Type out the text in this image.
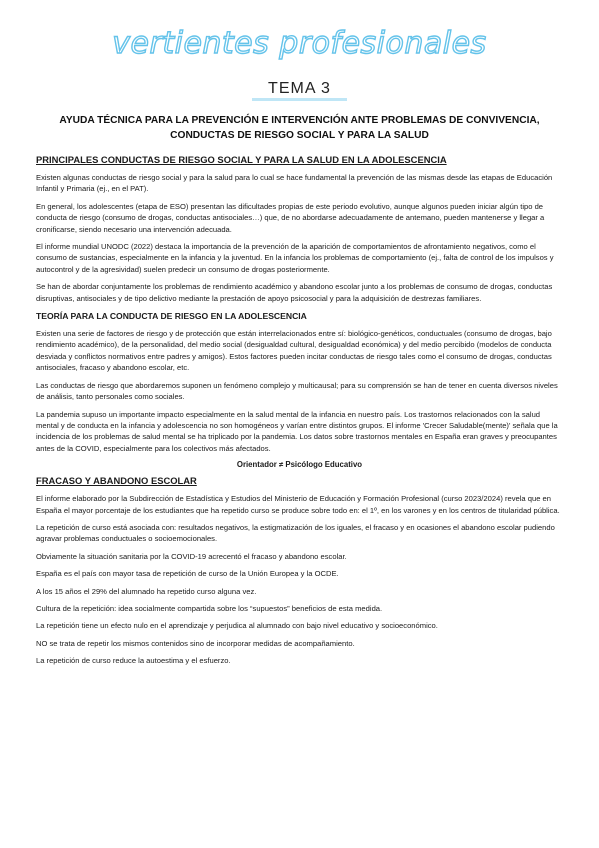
vertientes profesionales
TEMA 3
AYUDA TÉCNICA PARA LA PREVENCIÓN E INTERVENCIÓN ANTE PROBLEMAS DE CONVIVENCIA,
CONDUCTAS DE RIESGO SOCIAL Y PARA LA SALUD
PRINCIPALES CONDUCTAS DE RIESGO SOCIAL Y PARA LA SALUD EN LA ADOLESCENCIA

Existen algunas conductas de riesgo social y para la salud para lo cual se hace fundamental la prevención de las mismas desde las etapas de Educación Infantil y Primaria (ej., en el PAT).

En general, los adolescentes (etapa de ESO) presentan las dificultades propias de este periodo evolutivo, aunque algunos pueden iniciar algún tipo de conducta de riesgo (consumo de drogas, conductas antisociales…) que, de no abordarse adecuadamente de antemano, pueden mantenerse y llegar a cronificarse, siendo necesario una intervención adecuada.

El informe mundial UNODC (2022) destaca la importancia de la prevención de la aparición de comportamientos de afrontamiento negativos, como el consumo de sustancias, especialmente en la infancia y la juventud. En la infancia los problemas de comportamiento (ej., falta de control de los impulsos y autocontrol y de la agresividad) suelen predecir un consumo de drogas posteriormente.

Se han de abordar conjuntamente los problemas de rendimiento académico y abandono escolar junto a los problemas de consumo de drogas, conductas disruptivas, antisociales y de tipo delictivo mediante la prestación de apoyo psicosocial y para la adquisición de destrezas familiares.

TEORÍA PARA LA CONDUCTA DE RIESGO EN LA ADOLESCENCIA

Existen una serie de factores de riesgo y de protección que están interrelacionados entre sí: biológico-genéticos, conductuales (consumo de drogas, bajo rendimiento académico), de la personalidad, del medio social (desigualdad cultural, desigualdad económica) y del medio percibido (modelos de conducta desviada y conflictos normativos entre padres y amigos). Estos factores pueden incitar conductas de riesgo tales como el consumo de drogas, conductas antisociales, fracaso y abandono escolar, etc.

Las conductas de riesgo que abordaremos suponen un fenómeno complejo y multicausal; para su comprensión se han de tener en cuenta diversos niveles de análisis, tanto personales como sociales.

La pandemia supuso un importante impacto especialmente en la salud mental de la infancia en nuestro país. Los trastornos relacionados con la salud mental y de conducta en la infancia y adolescencia no son homogéneos y varían entre distintos grupos. El informe 'Crecer Saludable(mente)' señala que la incidencia de los problemas de salud mental se ha triplicado por la pandemia. Los datos sobre trastornos mentales en España eran graves y preocupantes antes de la COVID, especialmente para los colectivos más afectados.

Orientador ≠ Psicólogo Educativo
FRACASO Y ABANDONO ESCOLAR

El informe elaborado por la Subdirección de Estadística y Estudios del Ministerio de Educación y Formación Profesional (curso 2023/2024) revela que en España el mayor porcentaje de los estudiantes que ha repetido curso se produce sobre todo en: el 1º, en los varones y en los centros de titularidad pública.

La repetición de curso está asociada con: resultados negativos, la estigmatización de los iguales, el fracaso y en ocasiones el abandono escolar pudiendo agravar problemas conductuales o socioemocionales.

Obviamente la situación sanitaria por la COVID-19 acrecentó el fracaso y abandono escolar.

España es el país con mayor tasa de repetición de curso de la Unión Europea y la OCDE.

A los 15 años el 29% del alumnado ha repetido curso alguna vez.

Cultura de la repetición: idea socialmente compartida sobre los “supuestos” beneficios de esta medida.

La repetición tiene un efecto nulo en el aprendizaje y perjudica al alumnado con bajo nivel educativo y socioeconómico.

NO se trata de repetir los mismos contenidos sino de incorporar medidas de acompañamiento.

La repetición de curso reduce la autoestima y el esfuerzo.
